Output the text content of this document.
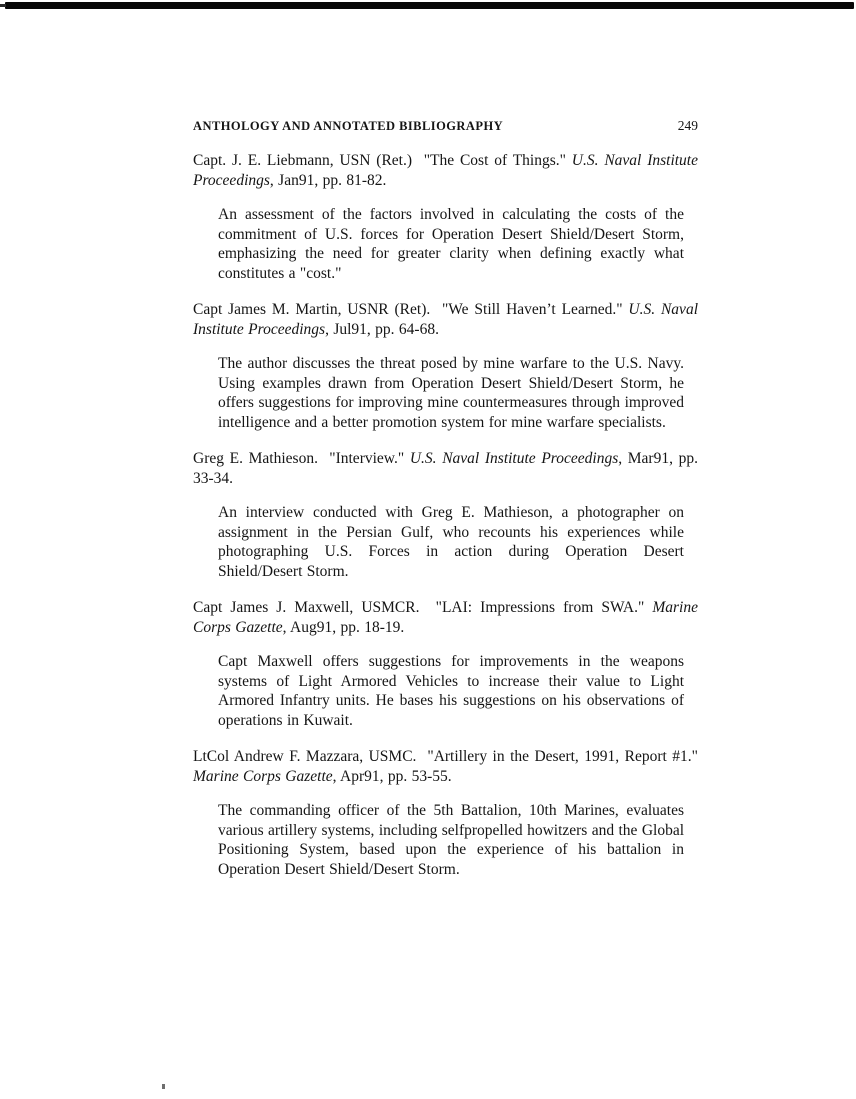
ANTHOLOGY AND ANNOTATED BIBLIOGRAPHY	249

Capt. J. E. Liebmann, USN (Ret.)  "The Cost of Things." U.S. Naval Institute Proceedings, Jan91, pp. 81-82.

An assessment of the factors involved in calculating the costs of the commitment of U.S. forces for Operation Desert Shield/Desert Storm, emphasizing the need for greater clarity when defining exactly what constitutes a "cost."

Capt James M. Martin, USNR (Ret).  "We Still Haven’t Learned." U.S. Naval Institute Proceedings, Jul91, pp. 64-68.

The author discusses the threat posed by mine warfare to the U.S. Navy. Using examples drawn from Operation Desert Shield/Desert Storm, he offers suggestions for improving mine countermeasures through improved intelligence and a better promotion system for mine warfare specialists.

Greg E. Mathieson.  "Interview." U.S. Naval Institute Proceedings, Mar91, pp. 33-34.

An interview conducted with Greg E. Mathieson, a photographer on assignment in the Persian Gulf, who recounts his experiences while photographing U.S. Forces in action during Operation Desert Shield/Desert Storm.

Capt James J. Maxwell, USMCR.  "LAI: Impressions from SWA." Marine Corps Gazette, Aug91, pp. 18-19.

Capt Maxwell offers suggestions for improvements in the weapons systems of Light Armored Vehicles to increase their value to Light Armored Infantry units. He bases his suggestions on his observations of operations in Kuwait.

LtCol Andrew F. Mazzara, USMC.  "Artillery in the Desert, 1991, Report #1." Marine Corps Gazette, Apr91, pp. 53-55.

The commanding officer of the 5th Battalion, 10th Marines, evaluates various artillery systems, including selfpropelled howitzers and the Global Positioning System, based upon the experience of his battalion in Operation Desert Shield/Desert Storm.
